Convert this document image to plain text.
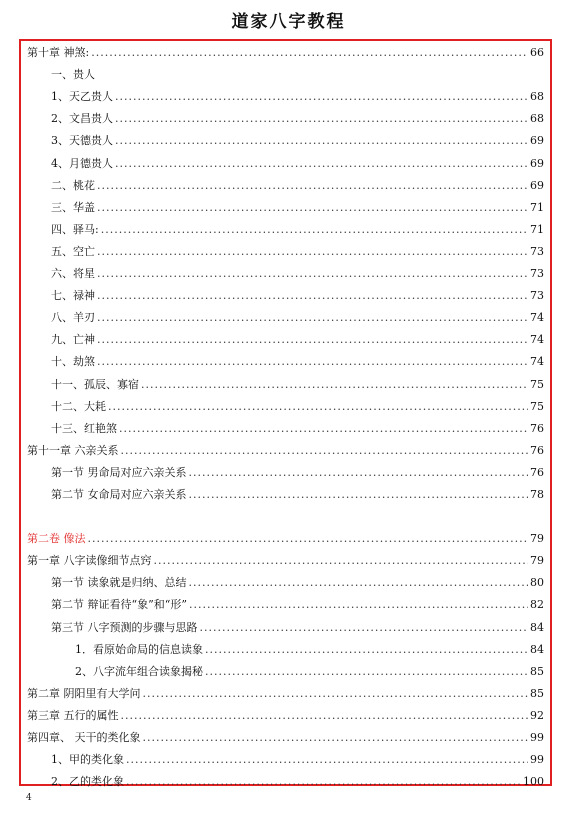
道家八字教程
第十章 神煞: .....	66
一、贵人
1、天乙贵人 .....	68
2、文昌贵人 .....	68
3、天德贵人 .....	69
4、月德贵人 .....	69
二、桃花 .....	69
三、华盖 .....	71
四、驿马: .....	71
五、空亡 .....	73
六、将星 .....	73
七、禄神 .....	73
八、羊刃 .....	74
九、亡神 .....	74
十、劫煞 .....	74
十一、孤辰、寡宿 .....	75
十二、大耗 .....	75
十三、红艳煞 .....	76
第十一章 六亲关系 .....	76
第一节 男命局对应六亲关系 .....	76
第二节 女命局对应六亲关系 .....	78
第二卷 像法 .....	79
第一章 八字读像细节点窍 .....	79
第一节 读象就是归纳、总结 .....	80
第二节 辩证看待“象”和“形” .....	82
第三节 八字预测的步骤与思路 .....	84
1．看原始命局的信息读象 .....	84
2、八字流年组合读象揭秘 .....	85
第二章 阴阳里有大学问 .....	85
第三章 五行的属性 .....	92
第四章、 天干的类化象 .....	99
1、甲的类化象 .....	99
2、乙的类化象 .....	100
4
